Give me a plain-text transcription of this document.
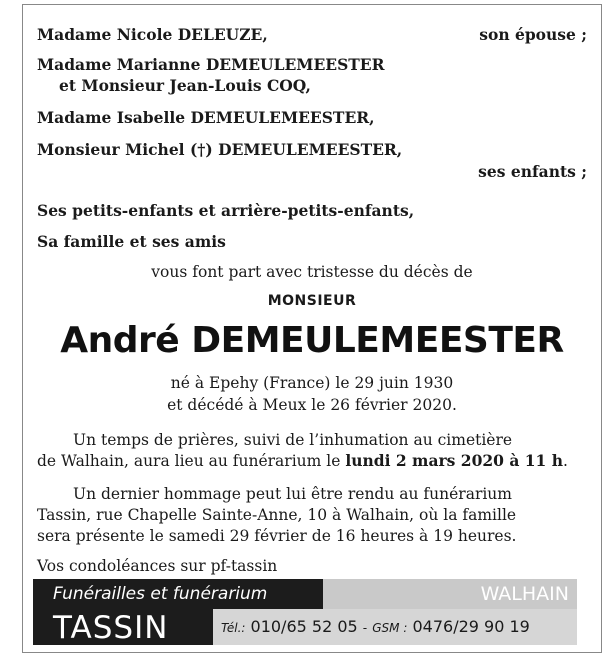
Madame Nicole DELEUZE,	son épouse ;
Madame Marianne DEMEULEMEESTER
et Monsieur Jean-Louis COQ,
Madame Isabelle DEMEULEMEESTER,
Monsieur Michel (†) DEMEULEMEESTER,
ses enfants ;
Ses petits-enfants et arrière-petits-enfants,
Sa famille et ses amis
vous font part avec tristesse du décès de
MONSIEUR
André DEMEULEMEESTER
né à Epehy (France) le 29 juin 1930
et décédé à Meux le 26 février 2020.
Un temps de prières, suivi de l’inhumation au cimetière
de Walhain, aura lieu au funérarium le lundi 2 mars 2020 à 11 h.
Un dernier hommage peut lui être rendu au funérarium
Tassin, rue Chapelle Sainte-Anne, 10 à Walhain, où la famille
sera présente le samedi 29 février de 16 heures à 19 heures.
Vos condoléances sur pf-tassin
Funérailles et funérarium	WALHAIN
TASSIN	Tél.: 010/65 52 05 - GSM : 0476/29 90 19
